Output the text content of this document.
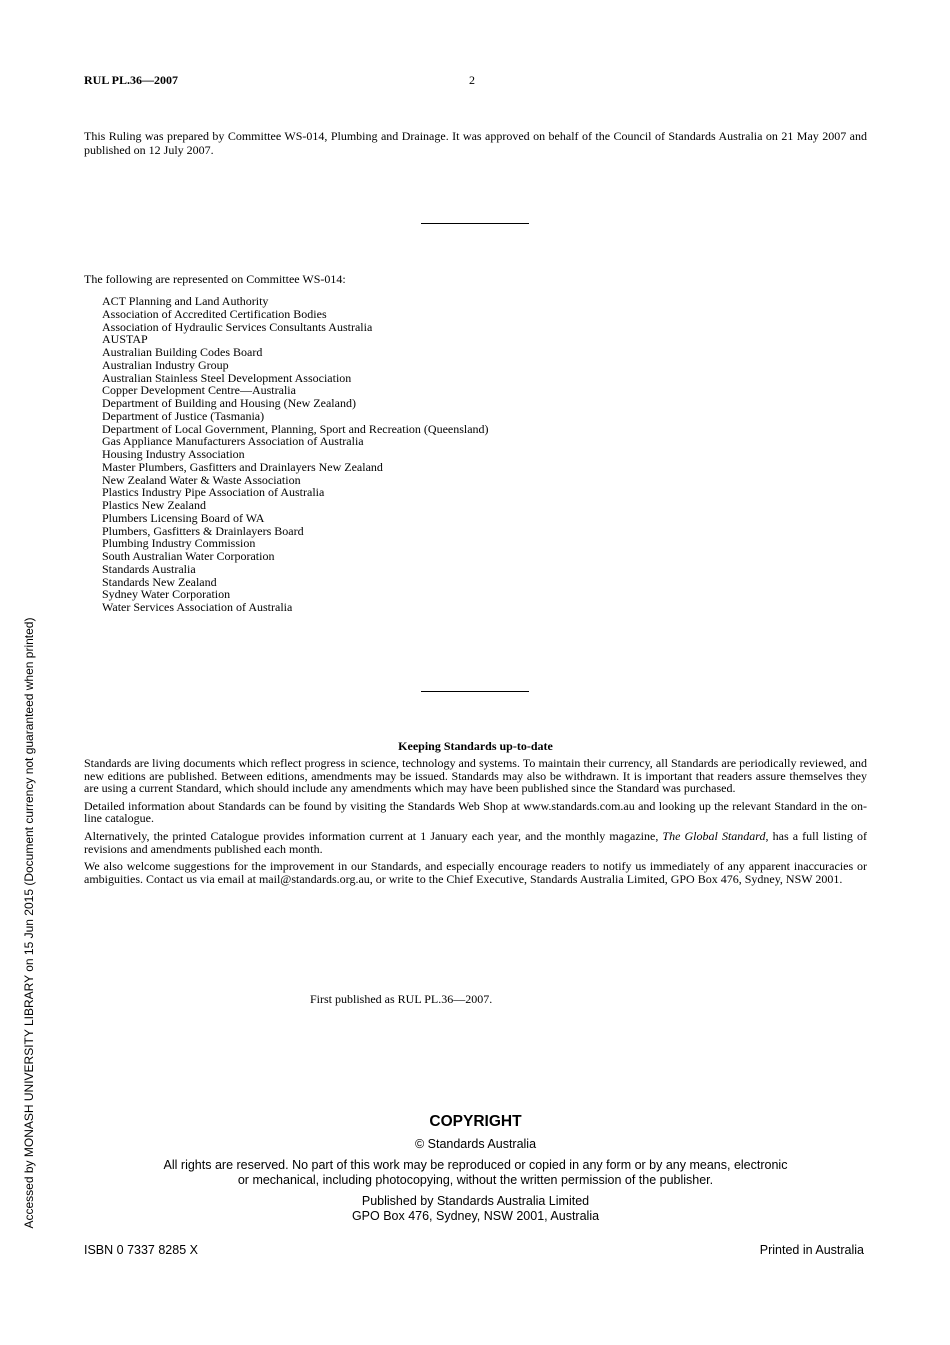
RUL PL.36—2007	2
This Ruling was prepared by Committee WS-014, Plumbing and Drainage. It was approved on behalf of the Council of Standards Australia on 21 May 2007 and published on 12 July 2007.
The following are represented on Committee WS-014:
ACT Planning and Land Authority
Association of Accredited Certification Bodies
Association of Hydraulic Services Consultants Australia
AUSTAP
Australian Building Codes Board
Australian Industry Group
Australian Stainless Steel Development Association
Copper Development Centre—Australia
Department of Building and Housing (New Zealand)
Department of Justice (Tasmania)
Department of Local Government, Planning, Sport and Recreation (Queensland)
Gas Appliance Manufacturers Association of Australia
Housing Industry Association
Master Plumbers, Gasfitters and Drainlayers New Zealand
New Zealand Water & Waste Association
Plastics Industry Pipe Association of Australia
Plastics New Zealand
Plumbers Licensing Board of WA
Plumbers, Gasfitters & Drainlayers Board
Plumbing Industry Commission
South Australian Water Corporation
Standards Australia
Standards New Zealand
Sydney Water Corporation
Water Services Association of Australia
Keeping Standards up-to-date

Standards are living documents which reflect progress in science, technology and systems. To maintain their currency, all Standards are periodically reviewed, and new editions are published. Between editions, amendments may be issued. Standards may also be withdrawn. It is important that readers assure themselves they are using a current Standard, which should include any amendments which may have been published since the Standard was purchased.

Detailed information about Standards can be found by visiting the Standards Web Shop at www.standards.com.au and looking up the relevant Standard in the on-line catalogue.

Alternatively, the printed Catalogue provides information current at 1 January each year, and the monthly magazine, The Global Standard, has a full listing of revisions and amendments published each month.

We also welcome suggestions for the improvement in our Standards, and especially encourage readers to notify us immediately of any apparent inaccuracies or ambiguities. Contact us via email at mail@standards.org.au, or write to the Chief Executive, Standards Australia Limited, GPO Box 476, Sydney, NSW 2001.

First published as RUL PL.36—2007.
COPYRIGHT
© Standards Australia
All rights are reserved. No part of this work may be reproduced or copied in any form or by any means, electronic
or mechanical, including photocopying, without the written permission of the publisher.
Published by Standards Australia Limited
GPO Box 476, Sydney, NSW 2001, Australia
ISBN 0 7337 8285 X	Printed in Australia
Accessed by MONASH UNIVERSITY LIBRARY on 15 Jun 2015 (Document currency not guaranteed when printed)
